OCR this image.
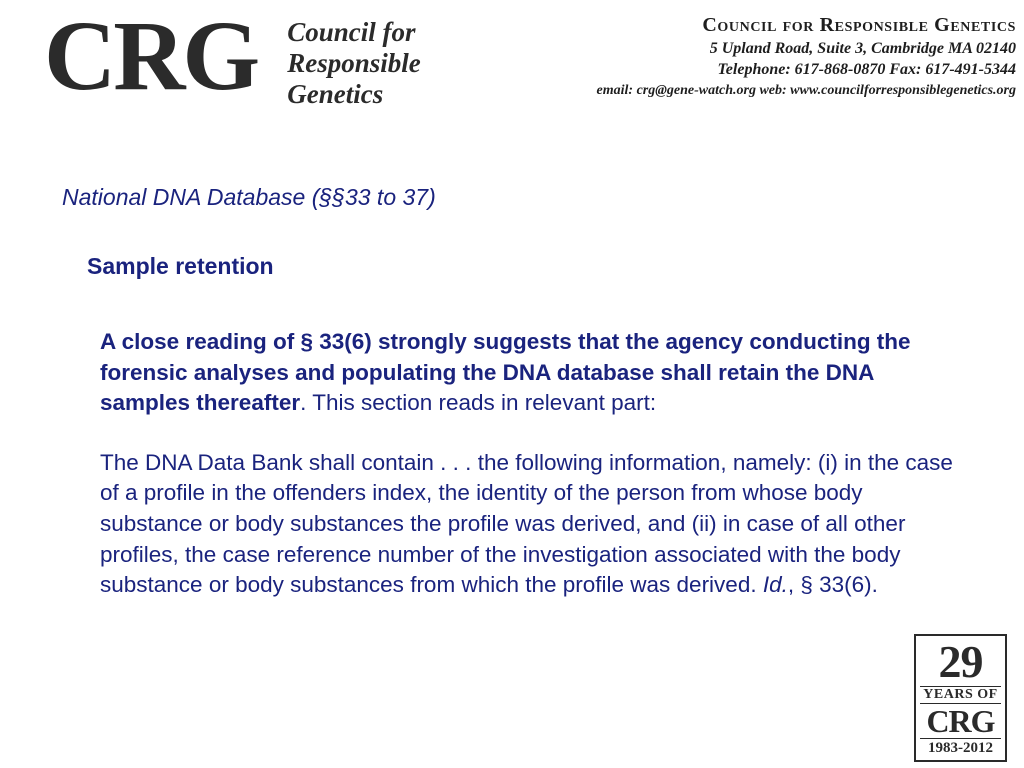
CRG Council for
Responsible
Genetics
Council for Responsible Genetics
5 Upland Road, Suite 3, Cambridge MA 02140
Telephone: 617-868-0870 Fax: 617-491-5344
email: crg@gene-watch.org web: www.councilforresponsiblegenetics.org
National DNA Database (§§33 to 37)
Sample retention

A close reading of § 33(6) strongly suggests that the agency conducting the forensic analyses and populating the DNA database shall retain the DNA samples thereafter. This section reads in relevant part:

The DNA Data Bank shall contain . . . the following information, namely: (i) in the case of a profile in the offenders index, the identity of the person from whose body substance or body substances the profile was derived, and (ii) in case of all other profiles, the case reference number of the investigation associated with the body substance or body substances from which the profile was derived. Id., § 33(6).

29
YEARS OF
CRG
1983-2012
